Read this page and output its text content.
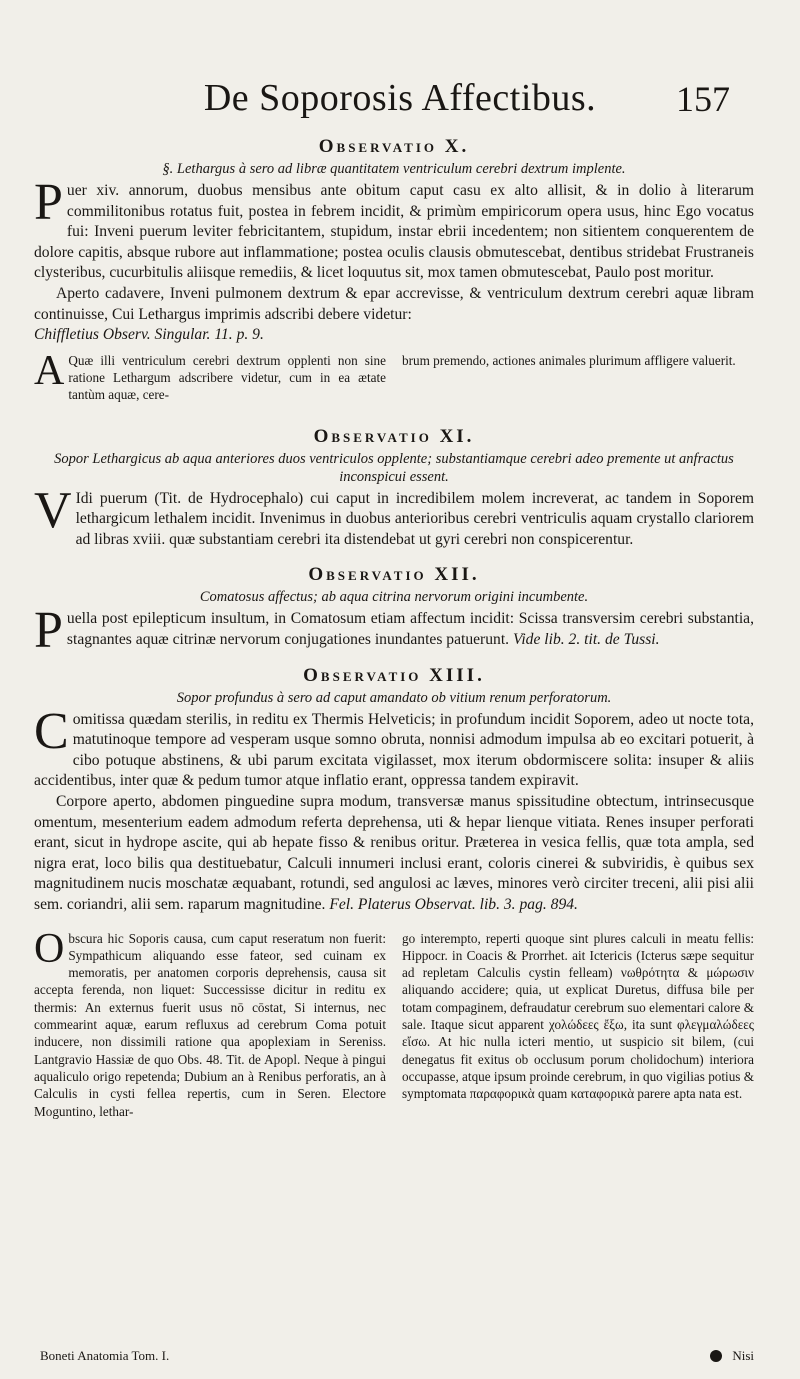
De Soporosis Affectibus.	157
Observatio X.

§. Lethargus à sero ad libræ quantitatem ventriculum cerebri dextrum implente.

Puer xiv. annorum, duobus mensibus ante obitum caput casu ex alto allisit, & in dolio à literarum commilitonibus rotatus fuit, postea in febrem incidit, & primùm empiricorum opera usus, hinc Ego vocatus fui: Inveni puerum leviter febricitantem, stupidum, instar ebrii incedentem; non sitientem conquerentem de dolore capitis, absque rubore aut inflammatione; postea oculis clausis obmutescebat, dentibus stridebat Frustraneis clysteribus, cucurbitulis aliisque remediis, & licet loquutus sit, mox tamen obmutescebat, Paulo post moritur.

Aperto cadavere, Inveni pulmonem dextrum & epar accrevisse, & ventriculum dextrum cerebri aquæ libram continuisse, Cui Lethargus imprimis adscribi debere videtur:
Chiffletius Observ. Singular. 11. p. 9.

A Quæ illi ventriculum cerebri dextrum opplenti non sine ratione Lethargum adscribere videtur, cum in ea ætate tantùm aquæ, cere-
brum premendo, actiones animales plurimum affligere valuerit.
Observatio XI.

Sopor Lethargicus ab aqua anteriores duos ventriculos opplente; substantiamque cerebri adeo premente ut anfractus inconspicui essent.

V Idi puerum (Tit. de Hydrocephalo) cui caput in incredibilem molem increverat, ac tandem in Soporem lethargicum lethalem incidit. Invenimus in duobus anterioribus cerebri ventriculis aquam crystallo clariorem ad libras xviii. quæ substantiam cerebri ita distendebat ut gyri cerebri non conspicerentur.

Observatio XII.

Comatosus affectus; ab aqua citrina nervorum origini incumbente.

Puella post epilepticum insultum, in Comatosum etiam affectum incidit: Scissa transversim cerebri substantia, stagnantes aquæ citrinæ nervorum conjugationes inundantes patuerunt. Vide lib. 2. tit. de Tussi.

Observatio XIII.

Sopor profundus à sero ad caput amandato ob vitium renum perforatorum.

Comitissa quædam sterilis, in reditu ex Thermis Helveticis; in profundum incidit Soporem, adeo ut nocte tota, matutinoque tempore ad vesperam usque somno obruta, nonnisi admodum impulsa ab eo excitari potuerit, à cibo potuque abstinens, & ubi parum excitata vigilasset, mox iterum obdormiscere solita: insuper & aliis accidentibus, inter quæ & pedum tumor atque inflatio erant, oppressa tandem expiravit.

Corpore aperto, abdomen pinguedine supra modum, transversæ manus spissitudine obtectum, intrinsecusque omentum, mesenterium eadem admodum referta deprehensa, uti & hepar lienque vitiata. Renes insuper perforati erant, sicut in hydrope ascite, qui ab hepate fisso & renibus oritur. Præterea in vesica fellis, quæ tota ampla, sed nigra erat, loco bilis qua destituebatur, Calculi innumeri inclusi erant, coloris cinerei & subviridis, è quibus sex magnitudinem nucis moschatæ æquabant, rotundi, sed angulosi ac læves, minores verò circiter treceni, alii pisi alii sem. coriandri, alii sem. raparum magnitudine. Fel. Platerus Observat. lib. 3. pag. 894.

Obscura hic Soporis causa, cum caput reseratum non fuerit: Sympathicum aliquando esse fateor, sed cuinam ex memoratis, per anatomen corporis deprehensis, causa sit accepta ferenda, non liquet: Successisse dicitur in reditu ex thermis: An externus fuerit usus nō cōstat, Si internus, nec commearint aquæ, earum refluxus ad cerebrum Coma potuit inducere, non dissimili ratione qua apoplexiam in Sereniss. Lantgravio Hassiæ de quo Obs. 48. Tit. de Apopl. Neque à pingui aqualiculo origo repetenda; Dubium an à Renibus perforatis, an à Calculis in cysti fellea repertis, cum in Seren. Electore Moguntino, lethar-
go interempto, reperti quoque sint plures calculi in meatu fellis: Hippocr. in Coacis & Prorrhet. ait Ictericis (Icterus sæpe sequitur ad repletam Calculis cystin felleam) νωθρότητα & μώρωσιν aliquando accidere; quia, ut explicat Duretus, diffusa bile per totam compaginem, defraudatur cerebrum suo elementari calore & sale. Itaque sicut apparent χολώδεες ἔξω, ita sunt φλεγμαλώδεες εἴσω. At hic nulla icteri mentio, ut suspicio sit bilem, (cui denegatus fit exitus ob occlusum porum cholidochum) interiora occupasse, atque ipsum proinde cerebrum, in quo vigilias potius & symptomata παραφορικὰ quam καταφορικὰ parere apta nata est.
Boneti Anatomia Tom. I.	Nisi
